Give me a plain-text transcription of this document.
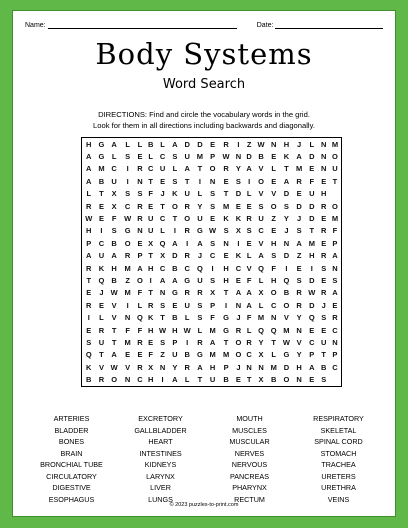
Name:	Date:
Body Systems
Word Search
DIRECTIONS: Find and circle the vocabulary words in the grid.
Look for them in all directions including backwards and diagonally.
H	G	A	L	L	B	L	A	D	D	E	R	I	Z	W	N	H	J	L	N	M
A	G	L	S	E	L	C	S	U	M	P	W	N	D	B	E	K	A	D	N	O
A	M	C	I	R	C	U	L	A	T	O	R	Y	A	V	L	T	M	E	N	U
A	B	U	I	N	T	E	S	T	I	N	E	S	I	O	E	A	R	F	E	T
L	T	X	S	S	F	J	K	U	L	S	T	D	L	V	V	D	E	U	H	
R	E	X	C	R	E	T	O	R	Y	S	M	E	E	S	O	S	D	D	R	O
W	E	F	W	R	U	C	T	O	U	E	K	K	R	U	Z	Y	J	D	E	M
H	I	S	G	N	U	L	I	R	G	W	S	X	S	C	E	J	S	T	R	F
P	C	B	O	E	X	Q	A	I	A	S	N	I	E	V	H	N	A	M	E	P
A	U	A	R	P	T	X	D	R	J	C	E	K	L	A	S	D	Z	H	R	A
R	K	H	M	A	H	C	B	C	Q	I	H	C	V	Q	F	I	E	I	S	N
T	Q	B	Z	O	I	A	A	G	U	S	H	E	F	L	H	Q	S	D	E	S
E	J	W	M	F	T	N	G	R	R	X	T	A	A	X	O	B	R	W	R	A
R	E	V	I	L	R	S	E	U	S	P	I	N	A	L	C	O	R	D	J	E
I	L	V	N	Q	K	T	B	L	S	F	G	J	F	M	N	V	Y	Q	S	R
E	R	T	F	F	H	W	H	W	L	M	G	R	L	Q	Q	M	N	E	E	C
S	U	T	M	R	E	S	P	I	R	A	T	O	R	Y	T	W	V	C	U	N
Q	T	A	E	E	F	Z	U	B	G	M	M	O	C	X	L	G	Y	P	T	P
K	V	W	V	R	X	N	Y	R	A	H	P	J	N	N	M	D	H	A	B	C
B	R	O	N	C	H	I	A	L	T	U	B	E	T	X	B	O	N	E	S	
ARTERIES	EXCRETORY	MOUTH	RESPIRATORY
BLADDER	GALLBLADDER	MUSCLES	SKELETAL
BONES	HEART	MUSCULAR	SPINAL CORD
BRAIN	INTESTINES	NERVES	STOMACH
BRONCHIAL TUBE	KIDNEYS	NERVOUS	TRACHEA
CIRCULATORY	LARYNX	PANCREAS	URETERS
DIGESTIVE	LIVER	PHARYNX	URETHRA
ESOPHAGUS	LUNGS	RECTUM	VEINS
© 2023 puzzles-to-print.com
